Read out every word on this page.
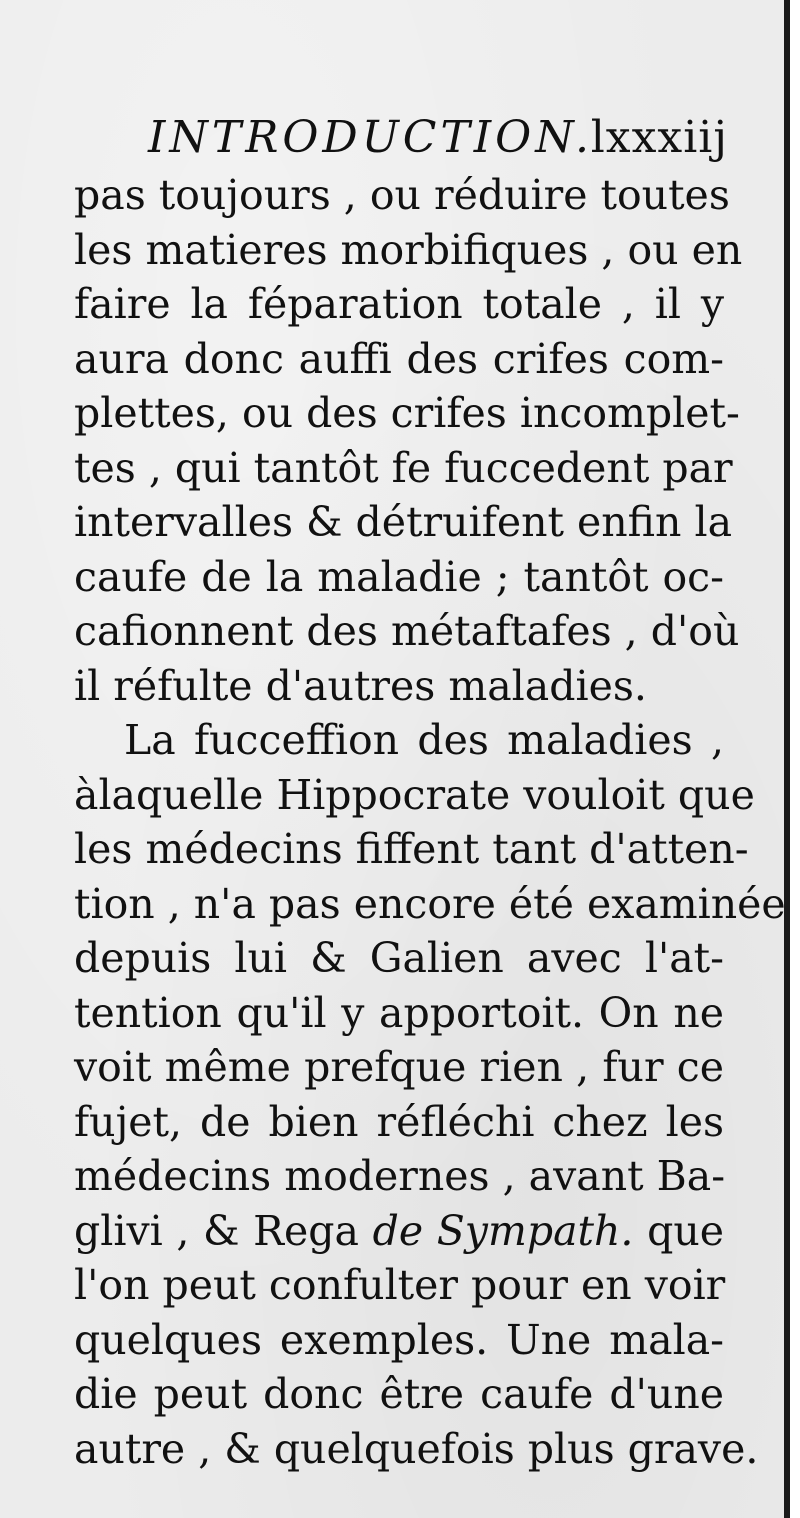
INTRODUCTION.
lxxxiij
pas toujours , ou réduire toutes
les matieres morbifiques , ou en
faire la féparation totale , il y
aura donc auffi des crifes com-
plettes, ou des crifes incomplet-
tes , qui tantôt fe fuccedent par
intervalles & détruifent enfin la
caufe de la maladie ; tantôt oc-
cafionnent des métaftafes , d'où
il réfulte d'autres maladies.
La fucceffion des maladies ,
àlaquelle Hippocrate vouloit que
les médecins fiffent tant d'atten-
tion , n'a pas encore été examinée
depuis lui & Galien avec l'at-
tention qu'il y apportoit. On ne
voit même prefque rien , fur ce
fujet, de bien réfléchi chez les
médecins modernes , avant Ba-
glivi , & Rega de Sympath. que
l'on peut confulter pour en voir
quelques exemples. Une mala-
die peut donc être caufe d'une
autre , & quelquefois plus grave.
